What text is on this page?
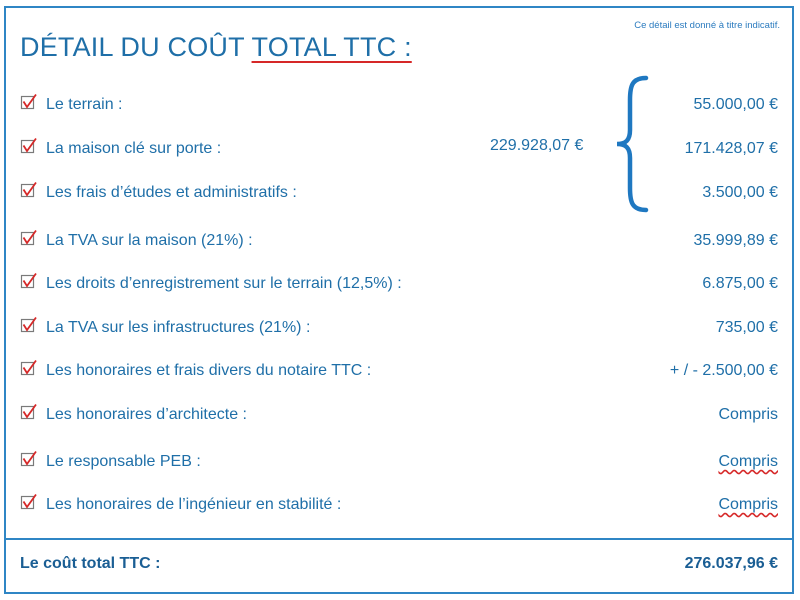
Ce détail est donné à titre indicatif.
DÉTAIL DU COÛT TOTAL TTC :
Le terrain :	55.000,00 €
La maison clé sur porte :	171.428,07 €
Les frais d’études et administratifs :	3.500,00 €
229.928,07 €
La TVA sur la maison (21%) :	35.999,89 €
Les droits d’enregistrement sur le terrain (12,5%) :	6.875,00 €
La TVA sur les infrastructures (21%) :	735,00 €
Les honoraires et frais divers du notaire TTC :	+ / - 2.500,00 €
Les honoraires d’architecte :	Compris
Le responsable PEB :	Compris
Les honoraires de l’ingénieur en stabilité :	Compris
Le coût total TTC :	276.037,96 €
